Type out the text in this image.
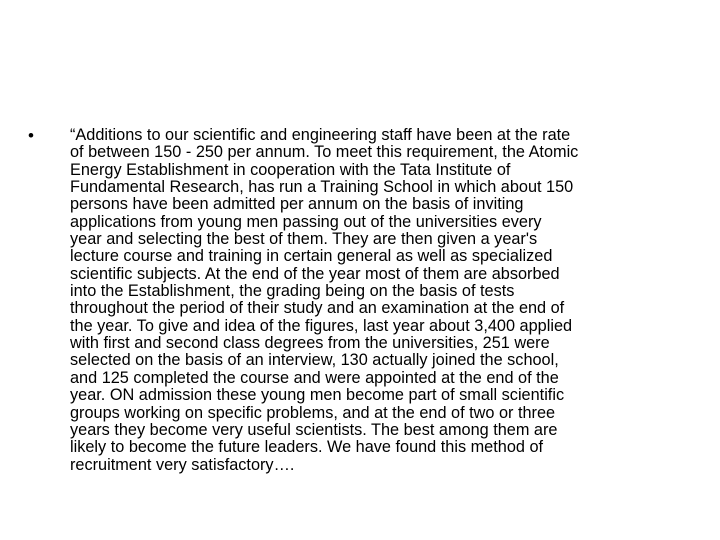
•	“Additions to our scientific and engineering staff have been at the rate
of between 150 - 250 per annum. To meet this requirement, the Atomic
Energy Establishment in cooperation with the Tata Institute of
Fundamental Research, has run a Training School in which about 150
persons have been admitted per annum on the basis of inviting
applications from young men passing out of the universities every
year and selecting the best of them. They are then given a year's
lecture course and training in certain general as well as specialized
scientific subjects. At the end of the year most of them are absorbed
into the Establishment, the grading being on the basis of tests
throughout the period of their study and an examination at the end of
the year. To give and idea of the figures, last year about 3,400 applied
with first and second class degrees from the universities, 251 were
selected on the basis of an interview, 130 actually joined the school,
and 125 completed the course and were appointed at the end of the
year. ON admission these young men become part of small scientific
groups working on specific problems, and at the end of two or three
years they become very useful scientists. The best among them are
likely to become the future leaders. We have found this method of
recruitment very satisfactory….
